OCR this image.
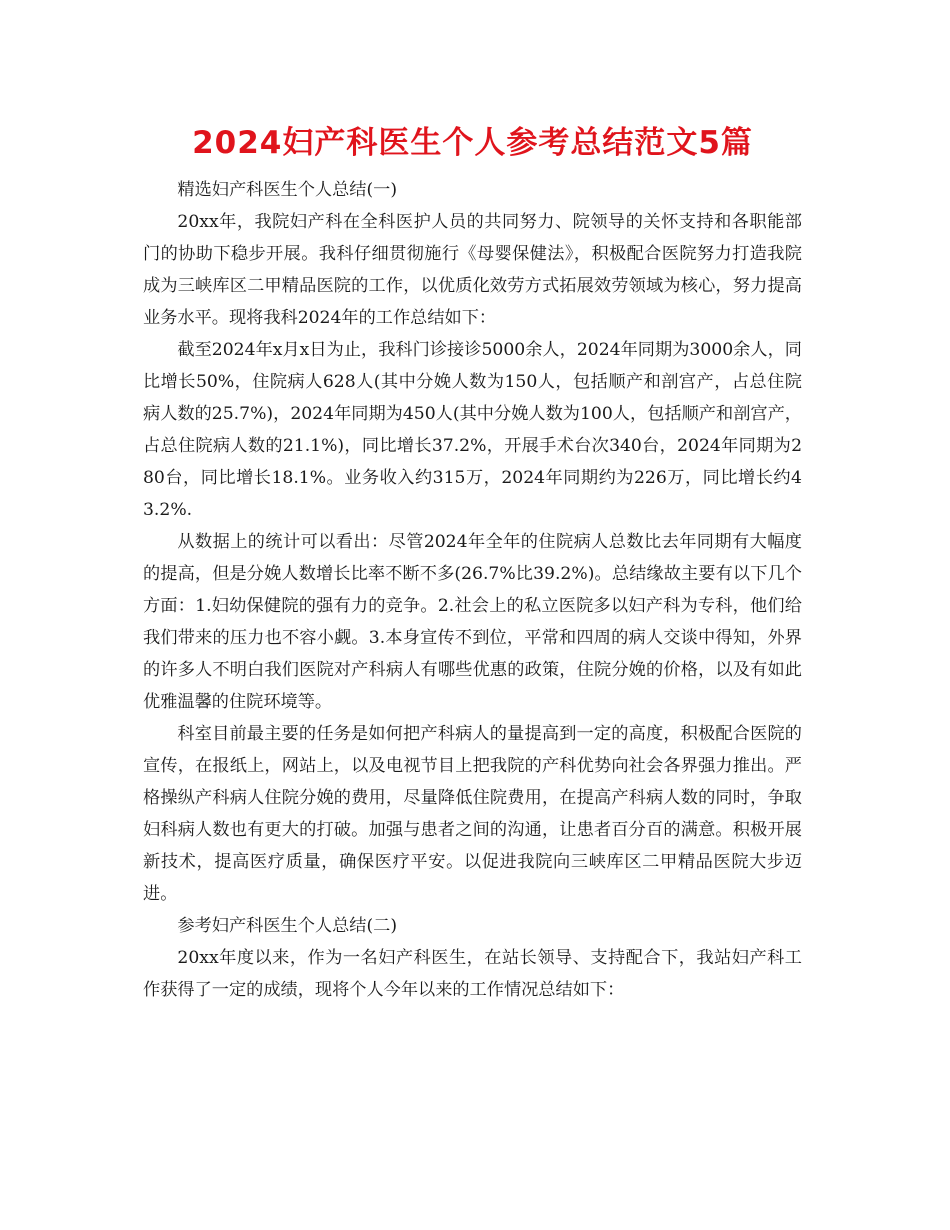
2024妇产科医生个人参考总结范文5篇

精选妇产科医生个人总结(一)

20xx年，我院妇产科在全科医护人员的共同努力、院领导的关怀支持和各职能部门的协助下稳步开展。我科仔细贯彻施行《母婴保健法》，积极配合医院努力打造我院成为三峡库区二甲精品医院的工作，以优质化效劳方式拓展效劳领域为核心，努力提高业务水平。现将我科2024年的工作总结如下：

截至2024年x月x日为止，我科门诊接诊5000余人，2024年同期为3000余人，同比增长50%，住院病人628人(其中分娩人数为150人，包括顺产和剖宫产，占总住院病人数的25.7%)，2024年同期为450人(其中分娩人数为100人，包括顺产和剖宫产，占总住院病人数的21.1%)，同比增长37.2%，开展手术台次340台，2024年同期为280台，同比增长18.1%。业务收入约315万，2024年同期约为226万，同比增长约43.2%.

从数据上的统计可以看出：尽管2024年全年的住院病人总数比去年同期有大幅度的提高，但是分娩人数增长比率不断不多(26.7%比39.2%)。总结缘故主要有以下几个方面：1.妇幼保健院的强有力的竞争。2.社会上的私立医院多以妇产科为专科，他们给我们带来的压力也不容小觑。3.本身宣传不到位，平常和四周的病人交谈中得知，外界的许多人不明白我们医院对产科病人有哪些优惠的政策，住院分娩的价格，以及有如此优雅温馨的住院环境等。

科室目前最主要的任务是如何把产科病人的量提高到一定的高度，积极配合医院的宣传，在报纸上，网站上，以及电视节目上把我院的产科优势向社会各界强力推出。严格操纵产科病人住院分娩的费用，尽量降低住院费用，在提高产科病人数的同时，争取妇科病人数也有更大的打破。加强与患者之间的沟通，让患者百分百的满意。积极开展新技术，提高医疗质量，确保医疗平安。以促进我院向三峡库区二甲精品医院大步迈进。

参考妇产科医生个人总结(二)

20xx年度以来，作为一名妇产科医生，在站长领导、支持配合下，我站妇产科工作获得了一定的成绩，现将个人今年以来的工作情况总结如下：
